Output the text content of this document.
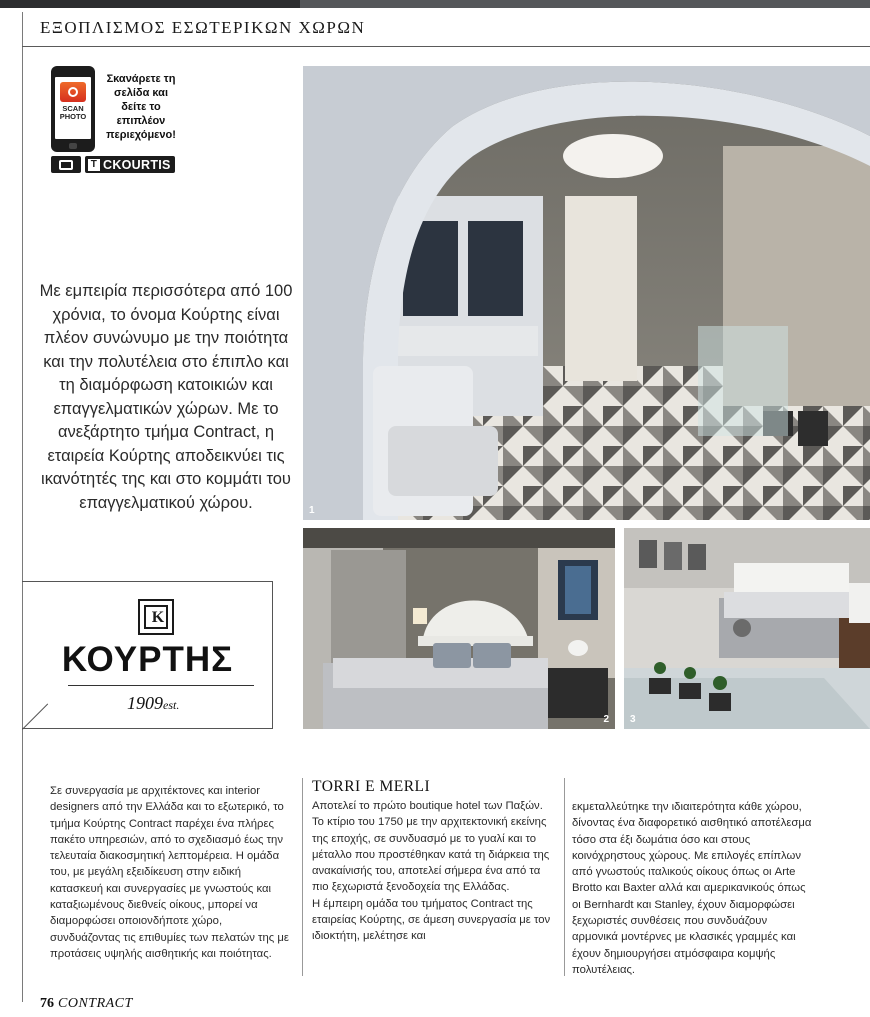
ΕΞΟΠΛΙΣΜΟΣ ΕΣΩΤΕΡΙΚΩΝ ΧΩΡΩΝ
SCAN
PHOTO
Σκανάρετε τη σελίδα και δείτε το επιπλέον περιεχόμενο!
T CKOURTIS
Με εμπειρία περισσότερα από 100 χρόνια, το όνομα Κούρτης είναι πλέον συνώνυμο με την ποιότητα και την πολυτέλεια στο έπιπλο και τη διαμόρφωση κατοικιών και επαγγελματικών χώρων. Με το ανεξάρτητο τμήμα Contract, η εταιρεία Κούρτης αποδεικνύει τις ικανότητές της και στο κομμάτι του επαγγελματικού χώρου.
K
ΚΟΥΡΤΗΣ
1909est.
1
2 3

Σε συνεργασία με αρχιτέκτονες και interior designers από την Ελλάδα και το εξωτερικό, το τμήμα Κούρτης Contract παρέχει ένα πλήρες πακέτο υπηρεσιών, από το σχεδιασμό έως την τελευταία διακοσμητική λεπτομέρεια. Η ομάδα του, με μεγάλη εξειδίκευση στην ειδική κατασκευή και συνεργασίες με γνωστούς και καταξιωμένους διεθνείς οίκους, μπορεί να διαμορφώσει οποιονδήποτε χώρο, συνδυάζοντας τις επιθυμίες των πελατών της με προτάσεις υψηλής αισθητικής και ποιότητας.

TORRI E MERLI

Αποτελεί το πρώτο boutique hotel των Παξών. Το κτίριο του 1750 με την αρχιτεκτονική εκείνης της εποχής, σε συνδυασμό με το γυαλί και το μέταλλο που προστέθηκαν κατά τη διάρκεια της ανακαίνισής του, αποτελεί σήμερα ένα από τα πιο ξεχωριστά ξενοδοχεία της Ελλάδας.

Η έμπειρη ομάδα του τμήματος Contract της εταιρείας Κούρτης, σε άμεση συνεργασία με τον ιδιοκτήτη, μελέτησε και

εκμεταλλεύτηκε την ιδιαιτερότητα κάθε χώρου, δίνοντας ένα διαφορετικό αισθητικό αποτέλεσμα τόσο στα έξι δωμάτια όσο και στους κοινόχρηστους χώρους. Με επιλογές επίπλων από γνωστούς ιταλικούς οίκους όπως οι Arte Brotto και Baxter αλλά και αμερικανικούς όπως οι Bernhardt και Stanley, έχουν διαμορφώσει ξεχωριστές συνθέσεις που συνδυάζουν αρμονικά μοντέρνες με κλασικές γραμμές και έχουν δημιουργήσει ατμόσφαιρα κομψής πολυτέλειας.

76 CONTRACT
